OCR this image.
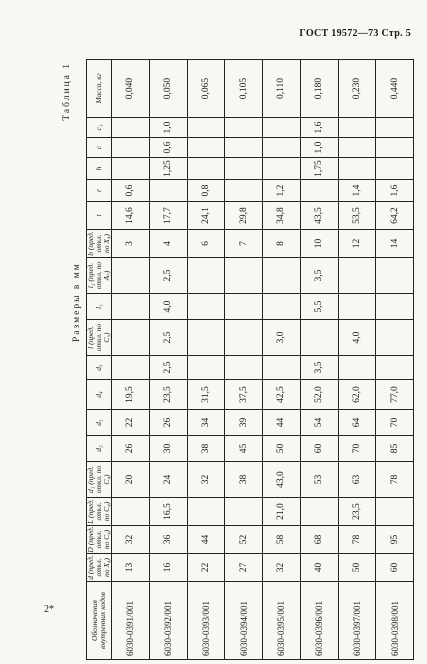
ГОСТ 19572—73 Стр. 5
2*
Таблица 1
Размеры в мм
Обозначения внутренних кодов	d (пред. откл. по X₄)	D (пред. откл. по C₄)	L (пред. откл. по C₄)	d₁ (пред. откл. по C₄)	d₂	d₃	d₄	d₅	l (пред. откл. по C₅)	l₁	l₂ (пред. откл. по A₇)	b (пред. откл. по X₄)	t	r	h	c	c₁	Масса, кг
6030-0391/001	13	32		20	26	22	19,5					3	14,6	0,6				0,040
6030-0392/001	16	36	16,5	24	30	26	23,5	2,5	2,5	4,0	2,5	4	17,7		1,25	0,6	1,0	0,050
6030-0393/001	22	44		32	38	34	31,5					6	24,1	0,8				0,065
6030-0394/001	27	52		38	45	39	37,5					7	29,8					0,105
6030-0395/001	32	58	21,0	43,0	50	44	42,5		3,0			8	34,8	1,2				0,110
6030-0396/001	40	68		53	60	54	52,0	3,5		5,5	3,5	10	43,5		1,75	1,0	1,6	0,180
6030-0397/001	50	78	23,5	63	70	64	62,0		4,0			12	53,5	1,4				0,230
6030-0398/001	60	95		78	85	70	77,0					14	64,2	1,6				0,440
